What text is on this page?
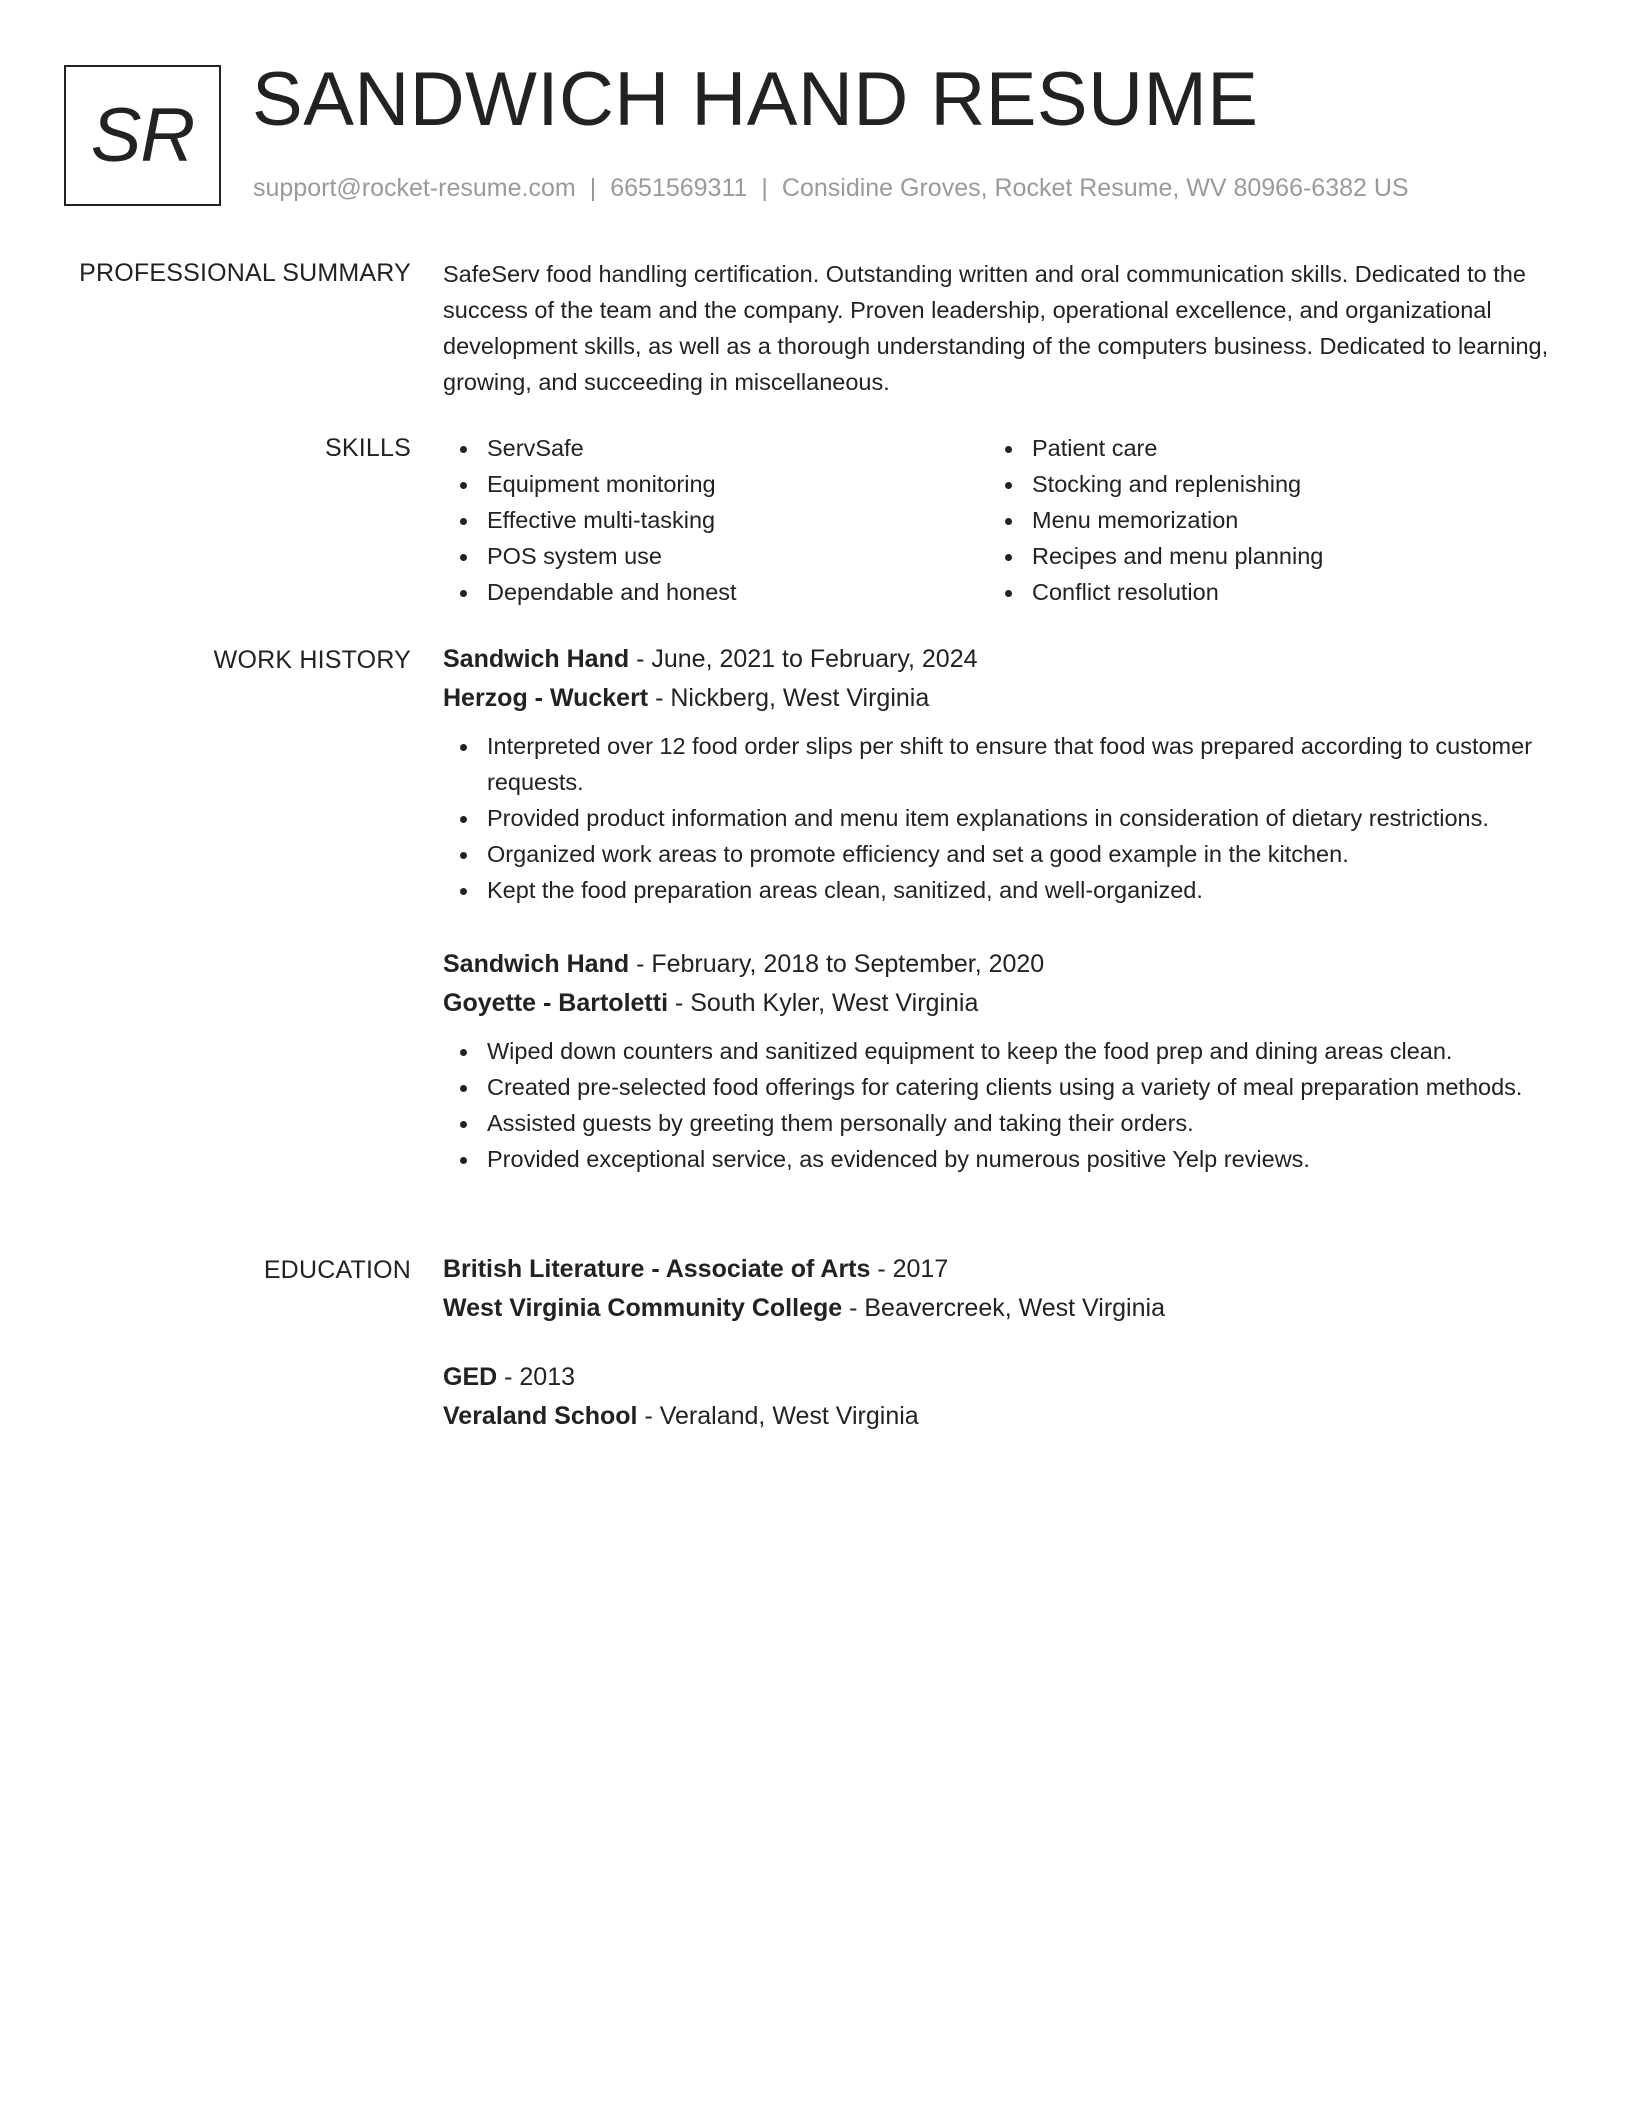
SR SANDWICH HAND RESUME
support@rocket-resume.com | 6651569311 | Considine Groves, Rocket Resume, WV 80966-6382 US
PROFESSIONAL SUMMARY SafeServ food handling certification. Outstanding written and oral communication skills. Dedicated to the success of the team and the company. Proven leadership, operational excellence, and organizational development skills, as well as a thorough understanding of the computers business. Dedicated to learning, growing, and succeeding in miscellaneous.
SKILLS	ServSafe
Equipment monitoring
Effective multi-tasking
POS system use
Dependable and honest
Patient care
Stocking and replenishing
Menu memorization
Recipes and menu planning
Conflict resolution
WORK HISTORY Sandwich Hand - June, 2021 to February, 2024
Herzog - Wuckert - Nickberg, West Virginia
Interpreted over 12 food order slips per shift to ensure that food was prepared according to customer requests.
Provided product information and menu item explanations in consideration of dietary restrictions.
Organized work areas to promote efficiency and set a good example in the kitchen.
Kept the food preparation areas clean, sanitized, and well-organized.
Sandwich Hand - February, 2018 to September, 2020
Goyette - Bartoletti - South Kyler, West Virginia
Wiped down counters and sanitized equipment to keep the food prep and dining areas clean.
Created pre-selected food offerings for catering clients using a variety of meal preparation methods.
Assisted guests by greeting them personally and taking their orders.
Provided exceptional service, as evidenced by numerous positive Yelp reviews.
EDUCATION British Literature - Associate of Arts - 2017
West Virginia Community College - Beavercreek, West Virginia
GED - 2013
Veraland School - Veraland, West Virginia
